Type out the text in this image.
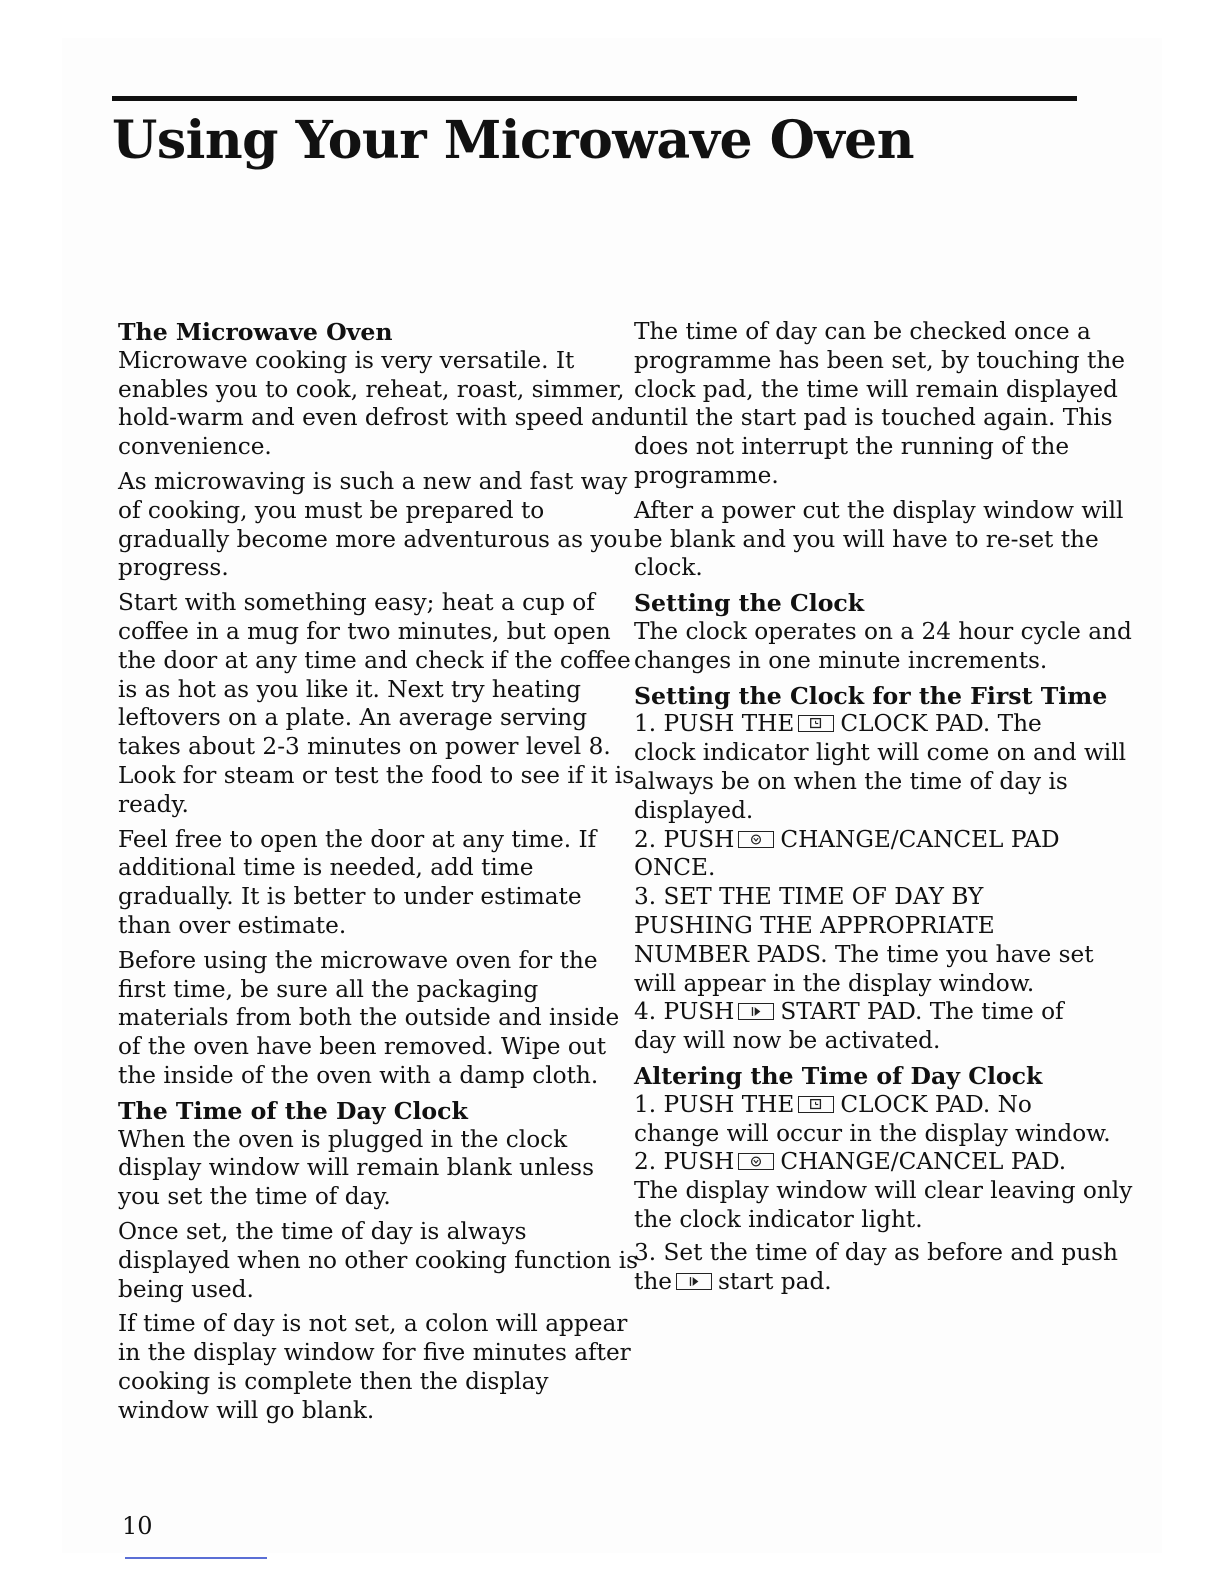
Using Your Microwave Oven
The Microwave Oven

Microwave cooking is very versatile. It
enables you to cook, reheat, roast, simmer,
hold-warm and even defrost with speed and
convenience.

As microwaving is such a new and fast way
of cooking, you must be prepared to
gradually become more adventurous as you
progress.

Start with something easy; heat a cup of
coffee in a mug for two minutes, but open
the door at any time and check if the coffee
is as hot as you like it. Next try heating
leftovers on a plate. An average serving
takes about 2-3 minutes on power level 8.
Look for steam or test the food to see if it is
ready.

Feel free to open the door at any time. If
additional time is needed, add time
gradually. It is better to under estimate
than over estimate.

Before using the microwave oven for the
first time, be sure all the packaging
materials from both the outside and inside
of the oven have been removed. Wipe out
the inside of the oven with a damp cloth.

The Time of the Day Clock

When the oven is plugged in the clock
display window will remain blank unless
you set the time of day.

Once set, the time of day is always
displayed when no other cooking function is
being used.

If time of day is not set, a colon will appear
in the display window for five minutes after
cooking is complete then the display
window will go blank.

The time of day can be checked once a
programme has been set, by touching the
clock pad, the time will remain displayed
until the start pad is touched again. This
does not interrupt the running of the
programme.

After a power cut the display window will
be blank and you will have to re-set the
clock.

Setting the Clock

The clock operates on a 24 hour cycle and
changes in one minute increments.

Setting the Clock for the First Time

1. PUSH THE CLOCK PAD. The
clock indicator light will come on and will
always be on when the time of day is
displayed.

2. PUSH CHANGE/CANCEL PAD
ONCE.

3. SET THE TIME OF DAY BY
PUSHING THE APPROPRIATE
NUMBER PADS. The time you have set
will appear in the display window.

4. PUSH START PAD. The time of
day will now be activated.

Altering the Time of Day Clock

1. PUSH THE CLOCK PAD. No
change will occur in the display window.

2. PUSH CHANGE/CANCEL PAD.
The display window will clear leaving only
the clock indicator light.

3. Set the time of day as before and push
the start pad.

10
